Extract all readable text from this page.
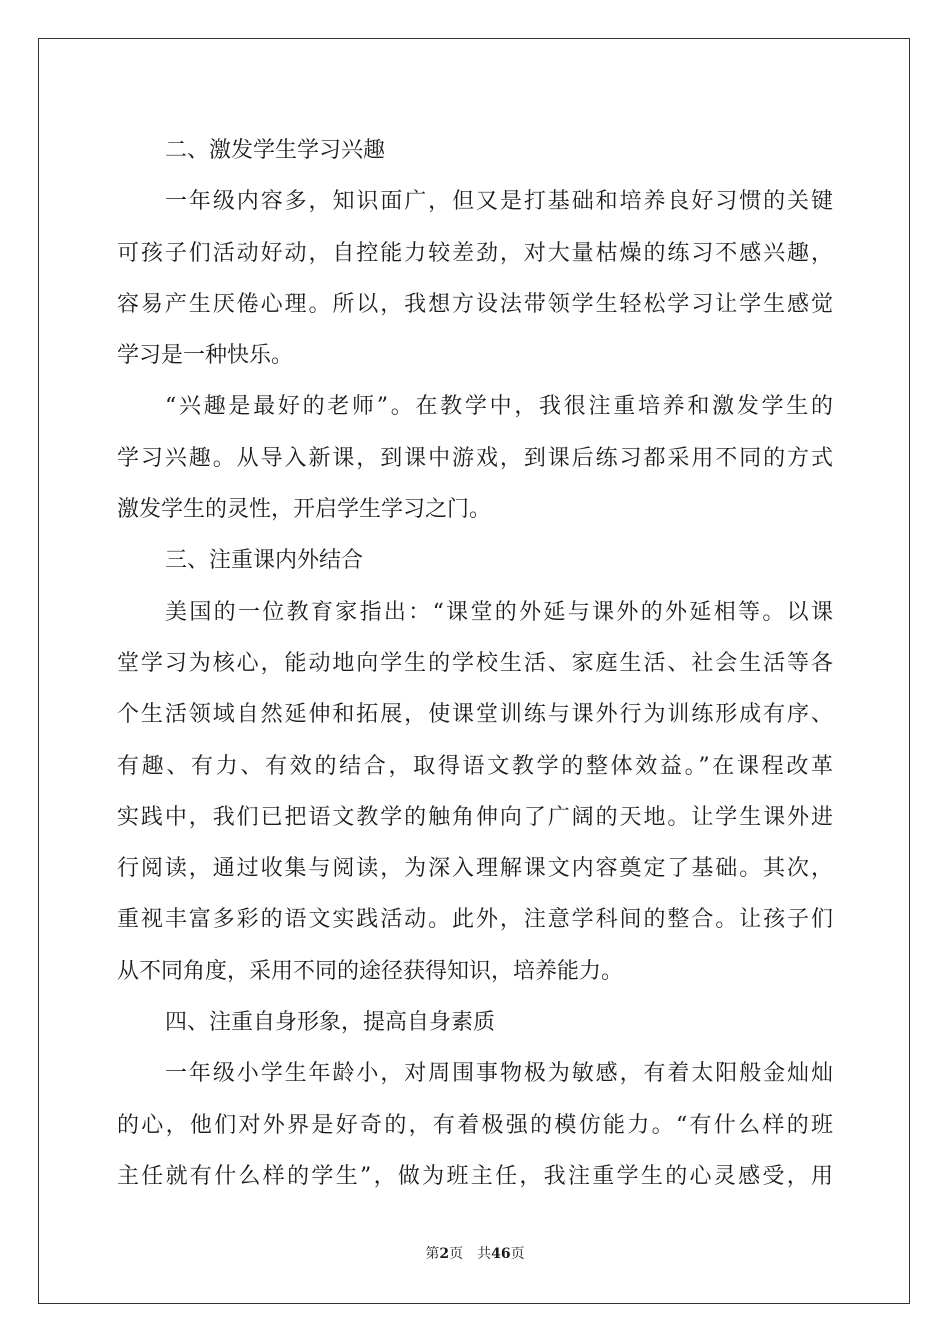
二、激发学生学习兴趣
一年级内容多，知识面广，但又是打基础和培养良好习惯的关键
可孩子们活动好动，自控能力较差劲，对大量枯燥的练习不感兴趣，
容易产生厌倦心理。所以，我想方设法带领学生轻松学习让学生感觉
学习是一种快乐。
“兴趣是最好的老师”。在教学中，我很注重培养和激发学生的
学习兴趣。从导入新课，到课中游戏，到课后练习都采用不同的方式
激发学生的灵性，开启学生学习之门。
三、注重课内外结合
美国的一位教育家指出：“课堂的外延与课外的外延相等。以课
堂学习为核心，能动地向学生的学校生活、家庭生活、社会生活等各
个生活领域自然延伸和拓展，使课堂训练与课外行为训练形成有序、
有趣、有力、有效的结合，取得语文教学的整体效益。”在课程改革
实践中，我们已把语文教学的触角伸向了广阔的天地。让学生课外进
行阅读，通过收集与阅读，为深入理解课文内容奠定了基础。其次，
重视丰富多彩的语文实践活动。此外，注意学科间的整合。让孩子们
从不同角度，采用不同的途径获得知识，培养能力。
四、注重自身形象，提高自身素质
一年级小学生年龄小，对周围事物极为敏感，有着太阳般金灿灿
的心，他们对外界是好奇的，有着极强的模仿能力。“有什么样的班
主任就有什么样的学生”，做为班主任，我注重学生的心灵感受，用
第2页 共46页
